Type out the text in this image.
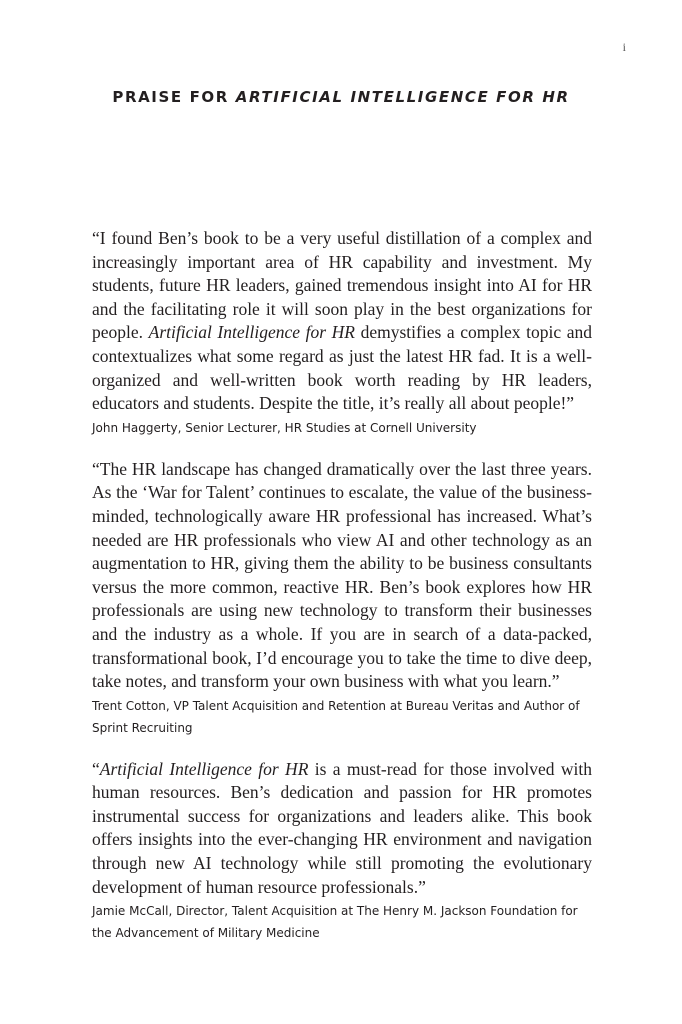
i
PRAISE FOR ARTIFICIAL INTELLIGENCE FOR HR

“I found Ben’s book to be a very useful distillation of a complex and increasingly important area of HR capability and investment. My students, future HR leaders, gained tremendous insight into AI for HR and the facilitating role it will soon play in the best organizations for people. Artificial Intelligence for HR demystifies a complex topic and contextualizes what some regard as just the latest HR fad. It is a well-organized and well-written book worth reading by HR leaders, educators and students. Despite the title, it’s really all about people!”

John Haggerty, Senior Lecturer, HR Studies at Cornell University

“The HR landscape has changed dramatically over the last three years. As the ‘War for Talent’ continues to escalate, the value of the business-minded, technologically aware HR professional has increased. What’s needed are HR professionals who view AI and other technology as an augmentation to HR, giving them the ability to be business consultants versus the more common, reactive HR. Ben’s book explores how HR professionals are using new technology to transform their businesses and the industry as a whole. If you are in search of a data-packed, transformational book, I’d encourage you to take the time to dive deep, take notes, and transform your own business with what you learn.”

Trent Cotton, VP Talent Acquisition and Retention at Bureau Veritas and Author of Sprint Recruiting

“Artificial Intelligence for HR is a must-read for those involved with human resources. Ben’s dedication and passion for HR promotes instrumental success for organizations and leaders alike. This book offers insights into the ever-changing HR environment and navigation through new AI technology while still promoting the evolutionary development of human resource professionals.”

Jamie McCall, Director, Talent Acquisition at The Henry M. Jackson Foundation for the Advancement of Military Medicine
